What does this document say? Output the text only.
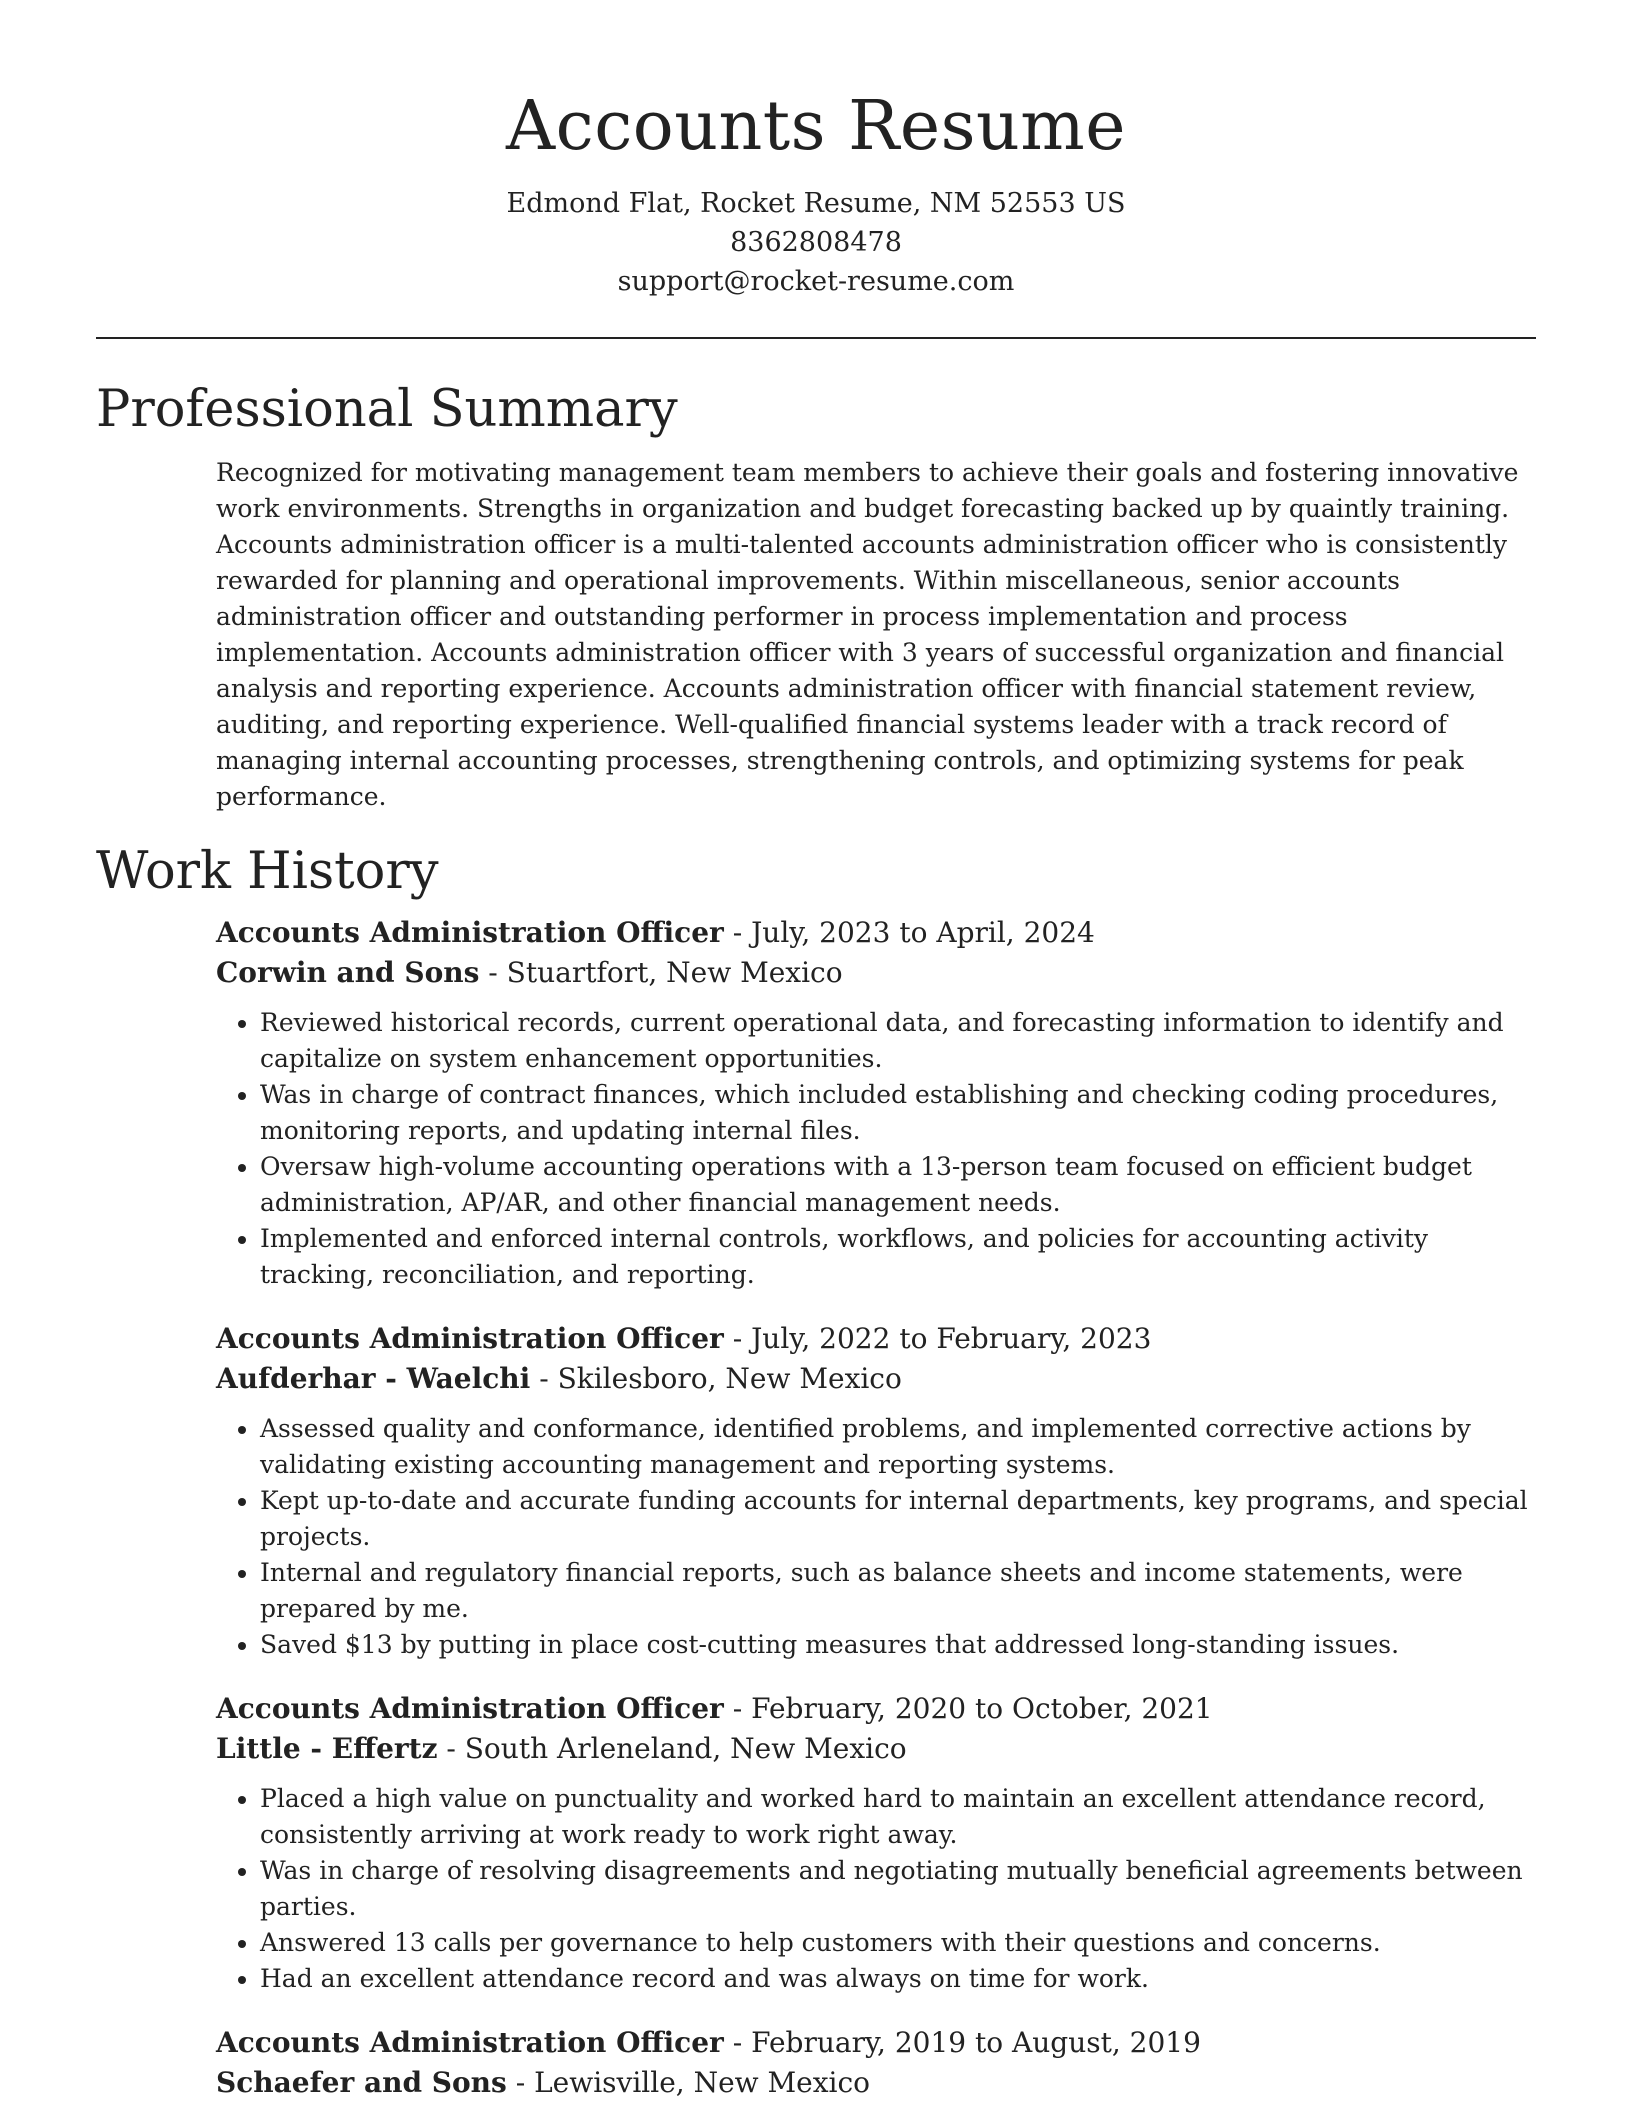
Accounts Resume
Edmond Flat, Rocket Resume, NM 52553 US
8362808478
support@rocket-resume.com
Professional Summary

Recognized for motivating management team members to achieve their goals and fostering innovative work environments. Strengths in organization and budget forecasting backed up by quaintly training. Accounts administration officer is a multi-talented accounts administration officer who is consistently rewarded for planning and operational improvements. Within miscellaneous, senior accounts administration officer and outstanding performer in process implementation and process implementation. Accounts administration officer with 3 years of successful organization and financial analysis and reporting experience. Accounts administration officer with financial statement review, auditing, and reporting experience. Well-qualified financial systems leader with a track record of managing internal accounting processes, strengthening controls, and optimizing systems for peak performance.

Work History
Accounts Administration Officer - July, 2023 to April, 2024
Corwin and Sons - Stuartfort, New Mexico
• Reviewed historical records, current operational data, and forecasting information to identify and capitalize on system enhancement opportunities.
• Was in charge of contract finances, which included establishing and checking coding procedures, monitoring reports, and updating internal files.
• Oversaw high-volume accounting operations with a 13-person team focused on efficient budget administration, AP/AR, and other financial management needs.
• Implemented and enforced internal controls, workflows, and policies for accounting activity tracking, reconciliation, and reporting.
Accounts Administration Officer - July, 2022 to February, 2023
Aufderhar - Waelchi - Skilesboro, New Mexico
• Assessed quality and conformance, identified problems, and implemented corrective actions by validating existing accounting management and reporting systems.
• Kept up-to-date and accurate funding accounts for internal departments, key programs, and special projects.
• Internal and regulatory financial reports, such as balance sheets and income statements, were prepared by me.
• Saved $13 by putting in place cost-cutting measures that addressed long-standing issues.
Accounts Administration Officer - February, 2020 to October, 2021
Little - Effertz - South Arleneland, New Mexico
• Placed a high value on punctuality and worked hard to maintain an excellent attendance record, consistently arriving at work ready to work right away.
• Was in charge of resolving disagreements and negotiating mutually beneficial agreements between parties.
• Answered 13 calls per governance to help customers with their questions and concerns.
• Had an excellent attendance record and was always on time for work.
Accounts Administration Officer - February, 2019 to August, 2019
Schaefer and Sons - Lewisville, New Mexico
